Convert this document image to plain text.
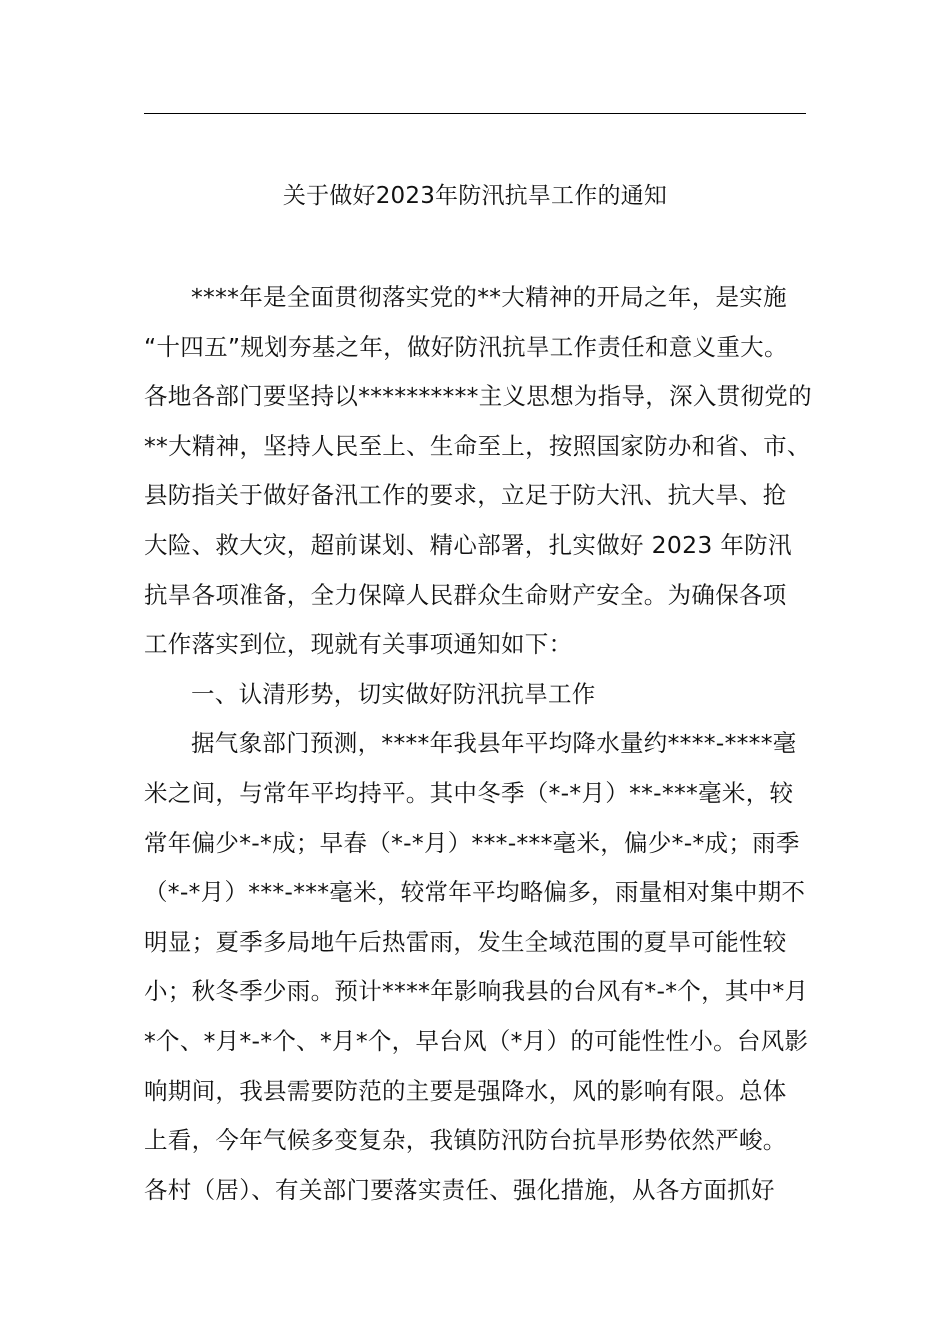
关于做好2023年防汛抗旱工作的通知
****年是全面贯彻落实党的**大精神的开局之年，是实施
“十四五”规划夯基之年，做好防汛抗旱工作责任和意义重大。
各地各部门要坚持以**********主义思想为指导，深入贯彻党的
**大精神，坚持人民至上、生命至上，按照国家防办和省、市、
县防指关于做好备汛工作的要求，立足于防大汛、抗大旱、抢
大险、救大灾，超前谋划、精心部署，扎实做好 2023 年防汛
抗旱各项准备，全力保障人民群众生命财产安全。为确保各项
工作落实到位，现就有关事项通知如下：
一、认清形势，切实做好防汛抗旱工作
据气象部门预测，****年我县年平均降水量约****-****毫
米之间，与常年平均持平。其中冬季（*-*月）**-***毫米，较
常年偏少*-*成；早春（*-*月）***-***毫米，偏少*-*成；雨季
（*-*月）***-***毫米，较常年平均略偏多，雨量相对集中期不
明显；夏季多局地午后热雷雨，发生全域范围的夏旱可能性较
小；秋冬季少雨。预计****年影响我县的台风有*-*个，其中*月
*个、*月*-*个、*月*个，早台风（*月）的可能性性小。台风影
响期间，我县需要防范的主要是强降水，风的影响有限。总体
上看，今年气候多变复杂，我镇防汛防台抗旱形势依然严峻。
各村（居）、有关部门要落实责任、强化措施，从各方面抓好
